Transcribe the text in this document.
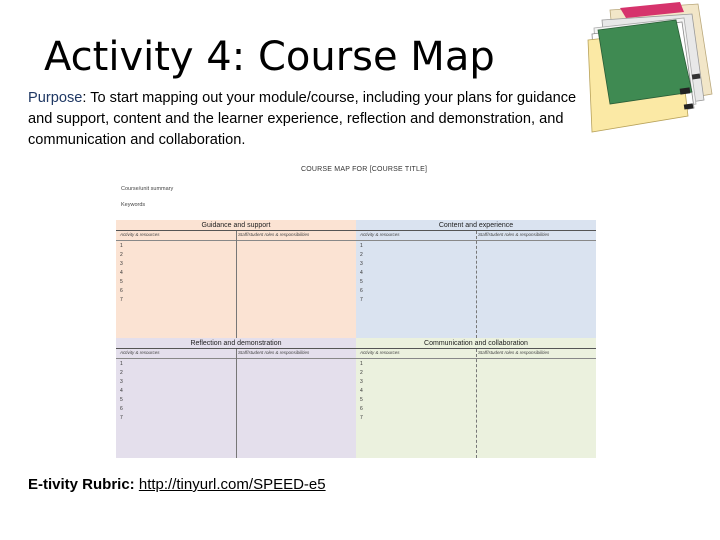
Activity 4: Course Map
Purpose: To start mapping out your module/course, including your plans for guidance and support, content and the learner experience, reflection and demonstration, and communication and collaboration.
COURSE MAP FOR [COURSE TITLE]
Course/unit summary
Keywords
Guidance and support
Activity & resources	Staff/student roles & responsibilities
1
2
3
4
5
6
7
Content and experience
Activity & resources	Staff/student roles & responsibilities
1
2
3
4
5
6
7
Reflection and demonstration
Activity & resources	Staff/student roles & responsibilities
1
2
3
4
5
6
7
Communication and collaboration
Activity & resources	Staff/student roles & responsibilities
1
2
3
4
5
6
7
E-tivity Rubric: http://tinyurl.com/SPEED-e5
